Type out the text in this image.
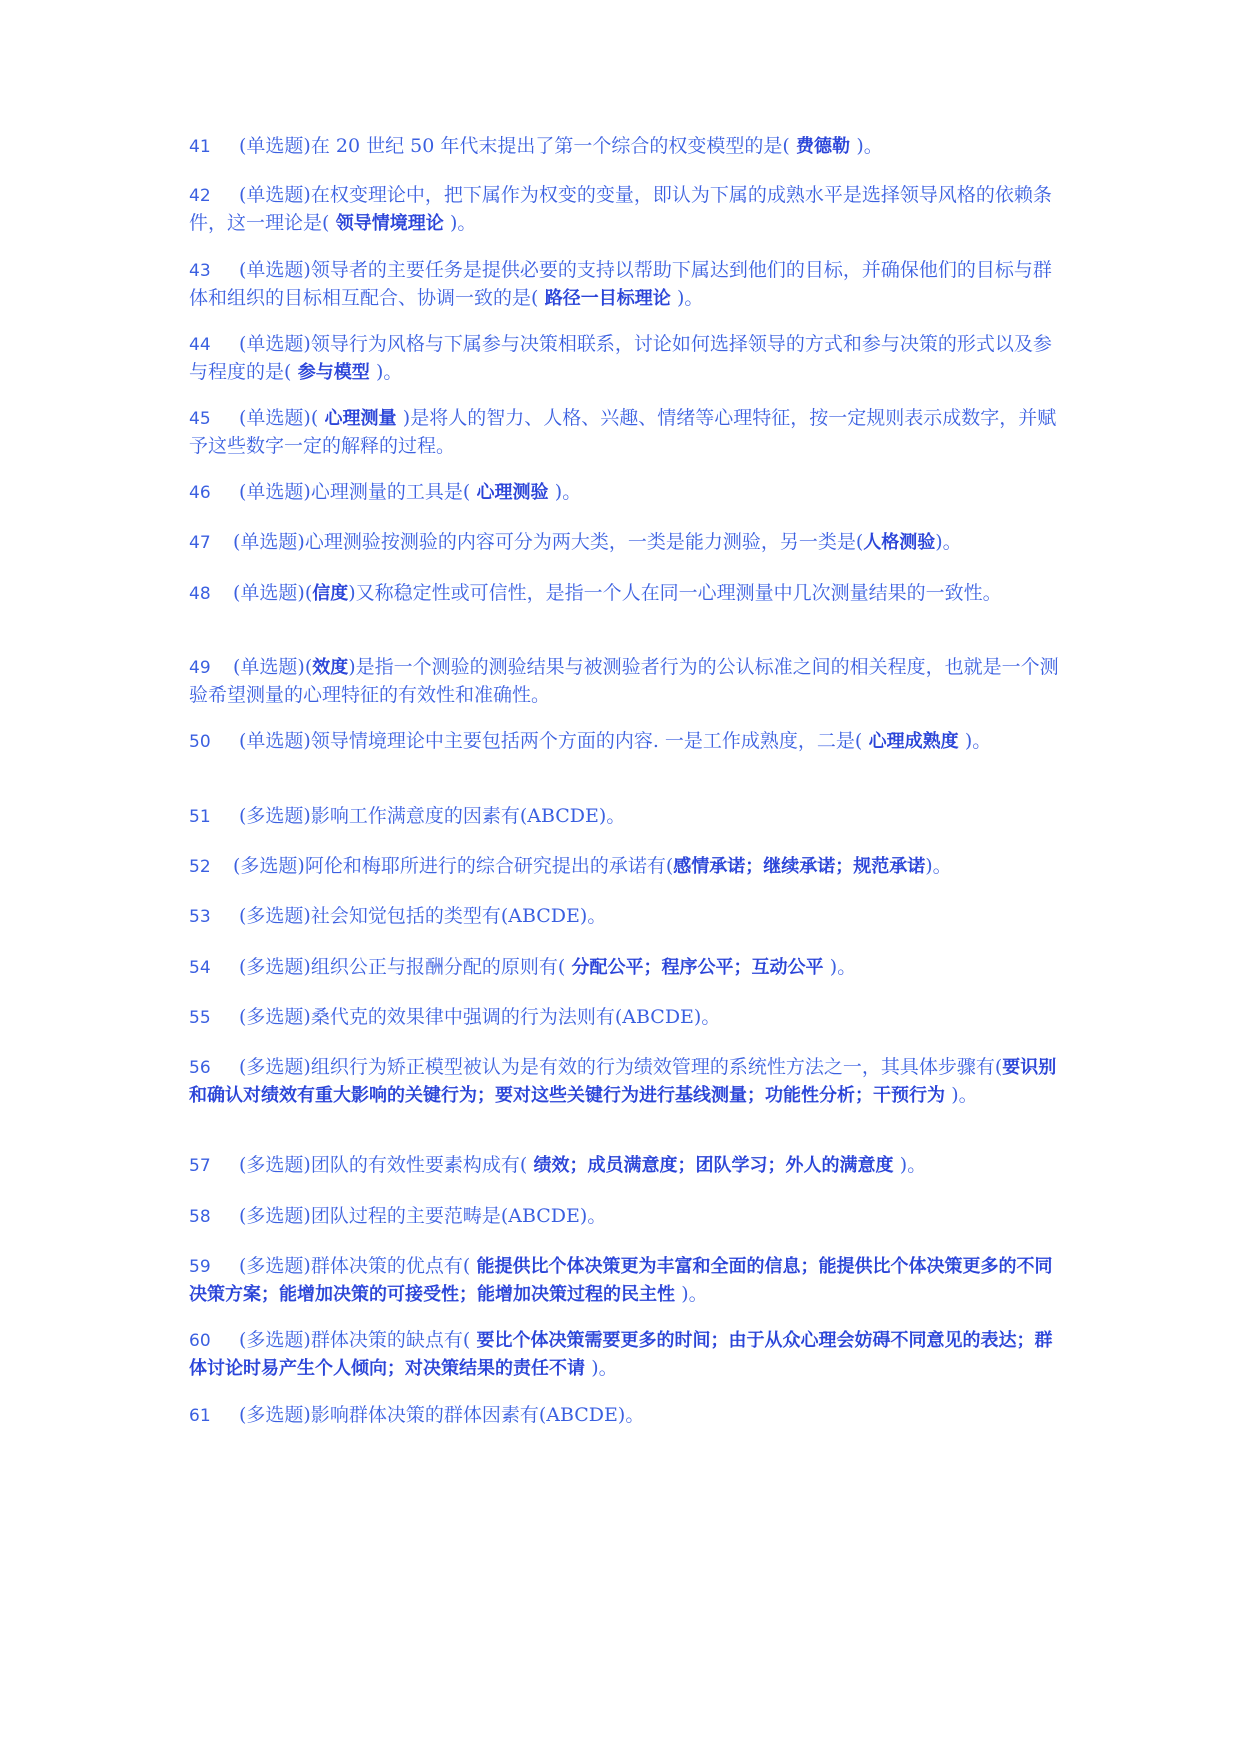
41 (单选题)在 20 世纪 50 年代末提出了第一个综合的权变模型的是( 费德勒 )。
42 (单选题)在权变理论中，把下属作为权变的变量，即认为下属的成熟水平是选择领导风格的依赖条件，这一理论是( 领导情境理论 )。
43 (单选题)领导者的主要任务是提供必要的支持以帮助下属达到他们的目标，并确保他们的目标与群体和组织的目标相互配合、协调一致的是( 路径一目标理论 )。
44 (单选题)领导行为风格与下属参与决策相联系，讨论如何选择领导的方式和参与决策的形式以及参与程度的是( 参与模型 )。
45 (单选题)( 心理测量 )是将人的智力、人格、兴趣、情绪等心理特征，按一定规则表示成数字，并赋予这些数字一定的解释的过程。
46 (单选题)心理测量的工具是( 心理测验 )。
47 (单选题)心理测验按测验的内容可分为两大类，一类是能力测验，另一类是(人格测验)。
48 (单选题)(信度)又称稳定性或可信性，是指一个人在同一心理测量中几次测量结果的一致性。
49 (单选题)(效度)是指一个测验的测验结果与被测验者行为的公认标准之间的相关程度，也就是一个测验希望测量的心理特征的有效性和准确性。
50 (单选题)领导情境理论中主要包括两个方面的内容. 一是工作成熟度，二是( 心理成熟度 )。
51 (多选题)影响工作满意度的因素有(ABCDE)。
52 (多选题)阿伦和梅耶所进行的综合研究提出的承诺有(感情承诺；继续承诺；规范承诺)。
53 (多选题)社会知觉包括的类型有(ABCDE)。
54 (多选题)组织公正与报酬分配的原则有( 分配公平；程序公平；互动公平 )。
55 (多选题)桑代克的效果律中强调的行为法则有(ABCDE)。
56 (多选题)组织行为矫正模型被认为是有效的行为绩效管理的系统性方法之一，其具体步骤有(要识别和确认对绩效有重大影响的关键行为；要对这些关键行为进行基线测量；功能性分析；干预行为 )。
57 (多选题)团队的有效性要素构成有( 绩效；成员满意度；团队学习；外人的满意度 )。
58 (多选题)团队过程的主要范畴是(ABCDE)。
59 (多选题)群体决策的优点有( 能提供比个体决策更为丰富和全面的信息；能提供比个体决策更多的不同决策方案；能增加决策的可接受性；能增加决策过程的民主性 )。
60 (多选题)群体决策的缺点有( 要比个体决策需要更多的时间；由于从众心理会妨碍不同意见的表达；群体讨论时易产生个人倾向；对决策结果的责任不请 )。
61 (多选题)影响群体决策的群体因素有(ABCDE)。
